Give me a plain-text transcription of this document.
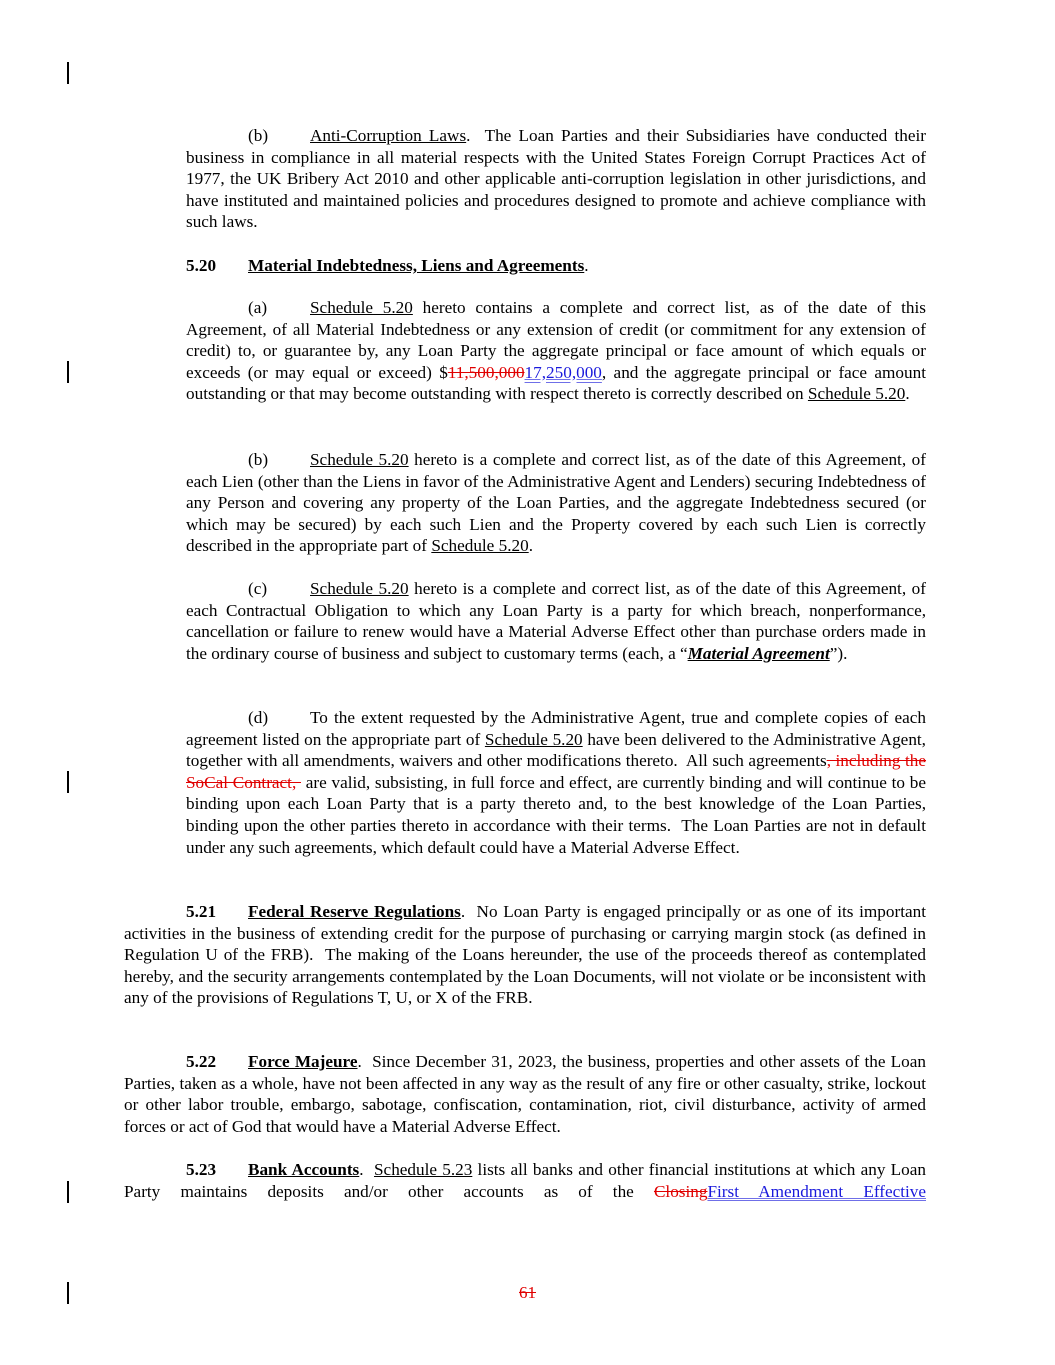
(b) Anti-Corruption Laws.  The Loan Parties and their Subsidiaries have conducted their business in compliance in all material respects with the United States Foreign Corrupt Practices Act of 1977, the UK Bribery Act 2010 and other applicable anti-corruption legislation in other jurisdictions, and have instituted and maintained policies and procedures designed to promote and achieve compliance with such laws.

5.20 Material Indebtedness, Liens and Agreements.

(a) Schedule 5.20 hereto contains a complete and correct list, as of the date of this Agreement, of all Material Indebtedness or any extension of credit (or commitment for any extension of credit) to, or guarantee by, any Loan Party the aggregate principal or face amount of which equals or exceeds (or may equal or exceed) $11,500,00017,250,000, and the aggregate principal or face amount outstanding or that may become outstanding with respect thereto is correctly described on Schedule 5.20.

(b) Schedule 5.20 hereto is a complete and correct list, as of the date of this Agreement, of each Lien (other than the Liens in favor of the Administrative Agent and Lenders) securing Indebtedness of any Person and covering any property of the Loan Parties, and the aggregate Indebtedness secured (or which may be secured) by each such Lien and the Property covered by each such Lien is correctly described in the appropriate part of Schedule 5.20.

(c) Schedule 5.20 hereto is a complete and correct list, as of the date of this Agreement, of each Contractual Obligation to which any Loan Party is a party for which breach, nonperformance, cancellation or failure to renew would have a Material Adverse Effect other than purchase orders made in the ordinary course of business and subject to customary terms (each, a “Material Agreement”).

(d) To the extent requested by the Administrative Agent, true and complete copies of each agreement listed on the appropriate part of Schedule 5.20 have been delivered to the Administrative Agent, together with all amendments, waivers and other modifications thereto.  All such agreements, including the SoCal Contract,  are valid, subsisting, in full force and effect, are currently binding and will continue to be binding upon each Loan Party that is a party thereto and, to the best knowledge of the Loan Parties, binding upon the other parties thereto in accordance with their terms.  The Loan Parties are not in default under any such agreements, which default could have a Material Adverse Effect.

5.21 Federal Reserve Regulations.  No Loan Party is engaged principally or as one of its important activities in the business of extending credit for the purpose of purchasing or carrying margin stock (as defined in Regulation U of the FRB).  The making of the Loans hereunder, the use of the proceeds thereof as contemplated hereby, and the security arrangements contemplated by the Loan Documents, will not violate or be inconsistent with any of the provisions of Regulations T, U, or X of the FRB.

5.22 Force Majeure.  Since December 31, 2023, the business, properties and other assets of the Loan Parties, taken as a whole, have not been affected in any way as the result of any fire or other casualty, strike, lockout or other labor trouble, embargo, sabotage, confiscation, contamination, riot, civil disturbance, activity of armed forces or act of God that would have a Material Adverse Effect.

5.23 Bank Accounts.  Schedule 5.23 lists all banks and other financial institutions at which any Loan Party maintains deposits and/or other accounts as of the ClosingFirst Amendment Effective

61
